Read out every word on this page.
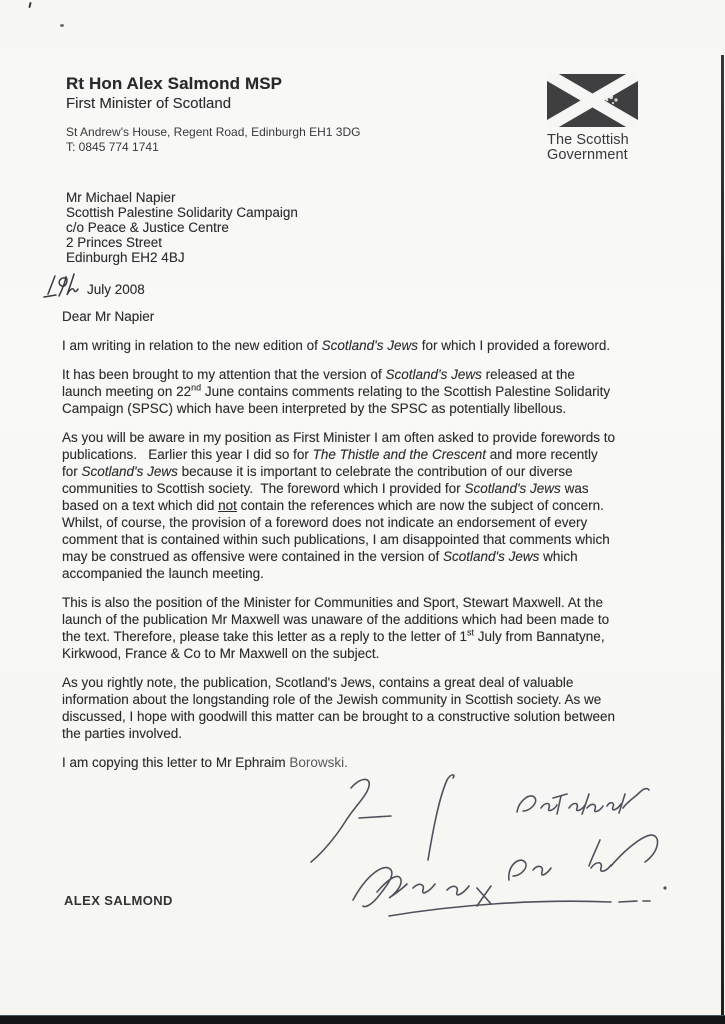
Rt Hon Alex Salmond MSP
First Minister of Scotland
St Andrew's House, Regent Road, Edinburgh EH1 3DG
T: 0845 774 1741	The Scottish
Government
Mr Michael Napier
Scottish Palestine Solidarity Campaign
c/o Peace & Justice Centre
2 Princes Street
Edinburgh EH2 4BJ
July 2008
Dear Mr Napier
I am writing in relation to the new edition of Scotland's Jews for which I provided a foreword.
It has been brought to my attention that the version of Scotland's Jews released at the
launch meeting on 22nd June contains comments relating to the Scottish Palestine Solidarity
Campaign (SPSC) which have been interpreted by the SPSC as potentially libellous.
As you will be aware in my position as First Minister I am often asked to provide forewords to
publications.   Earlier this year I did so for The Thistle and the Crescent and more recently
for Scotland's Jews because it is important to celebrate the contribution of our diverse
communities to Scottish society.  The foreword which I provided for Scotland's Jews was
based on a text which did not contain the references which are now the subject of concern.
Whilst, of course, the provision of a foreword does not indicate an endorsement of every
comment that is contained within such publications, I am disappointed that comments which
may be construed as offensive were contained in the version of Scotland's Jews which
accompanied the launch meeting.
This is also the position of the Minister for Communities and Sport, Stewart Maxwell. At the
launch of the publication Mr Maxwell was unaware of the additions which had been made to
the text. Therefore, please take this letter as a reply to the letter of 1st July from Bannatyne,
Kirkwood, France & Co to Mr Maxwell on the subject.
As you rightly note, the publication, Scotland's Jews, contains a great deal of valuable
information about the longstanding role of the Jewish community in Scottish society. As we
discussed, I hope with goodwill this matter can be brought to a constructive solution between
the parties involved.
I am copying this letter to Mr Ephraim Borowski.
ALEX SALMOND
